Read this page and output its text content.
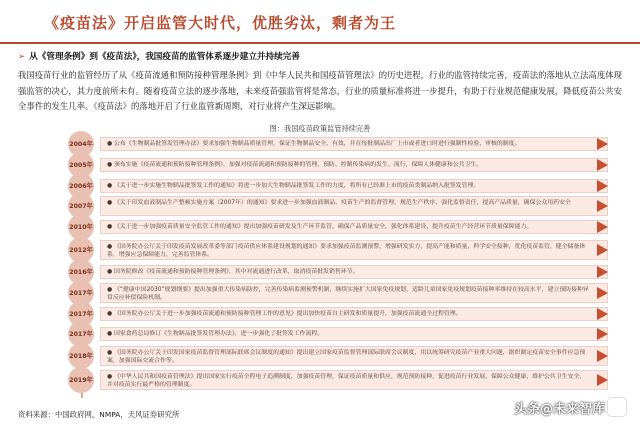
《疫苗法》开启监管大时代，优胜劣汰，剩者为王
➢ 从《管理条例》到《疫苗法》，我国疫苗的监管体系逐步建立并持续完善
我国疫苗行业的监管经历了从《疫苗流通和预防接种管理条例》到《中华人民共和国疫苗管理法》的历史进程，行业的监管持续完善，疫苗法的落地从立法高度体现强监管的决心，其力度前所未有。随着疫苗立法的逐步落地，未来疫苗强监管将是常态，行业的质量标准将进一步提升，有助于行业规范健康发展，降低疫苗公共安全事件的发生几率。《疫苗法》的落地开启了行业监管新周期，对行业将产生深远影响。
图：我国疫苗政策监管持续完善
2004年	● 公布《生物制品批签发管理办法》要求加强生物制品质量管理，保证生物制品安全、有效，并在每批制品出厂上市或者进口时进行强制性检验、审核的制度。
2005年	● 颁布实施《疫苗流通和预防接种管理条例》，加强对疫苗流通和预防接种的管理，预防、控制传染病的发生、流行，保障人体健康和公共卫生。
2006年	● 《关于进一步实施生物制品批签发工作的通知》将进一步加大生物制品批签发工作的力度，将所有已经准上市的疫苗类制品纳入批签发管理。
2007年	● 《关于印发血液制品生产整顿实施方案（2007年）的通知》要求进一步加强血液制品、疫苗生产的监督管理，规范生产秩序，强化监督责任，提高产品质量，确保公众用药安全
2010年	● 《关于进一步加强疫苗质量安全监管工作的通知》提出加强疫苗研发及生产环节监管，确保产品质量安全，强化体系建设，提升疫苗生产经营环节质量保障能力。
2012年	● 《国务院办公厅关于印发疫苗发展改革委等部门疫苗供应体系建设规划的通知》要求加强疫苗监测预警，增强研发实力，提高产能和质量，科学安全接种，优化疫苗监管，健全储备体系，增强应急保障能力，完善监管体系。
2016年	● 国务院修改《疫苗流通和预防接种管理条例》，其中对流通进行改革，取消疫苗批发销售环节。
2017年	● 《“健康中国2030”规划纲要》提出加强重大传染病防控，完善传染病监测预警机制，继续实施扩大国家免疫规划，适龄儿童国家免疫规划疫苗接种率维持在较高水平，建立预防接种异常反应补偿保险机制。
2017年	● 《国务院办公厅关于进一步加强疫苗流通和预防接种管理工作的意见》提出加快疫苗自主研发和质量提升，加强疫苗流通全过程管理。
2017年	● 国家食药总局修订《生物制品批签发管理办法》，进一步强化了批签发工作流程。
2018年	● 《国务院办公厅关于印发国家疫苗监督管理部际联席会议制度的通知》提出建立国家疫苗监督管理部际联席会议制度，用以统筹研究疫苗产业重大问题，据织制定疫苗安全事件应急预案，加强国际交流合作等。
2019年	● 《中华人民共和国疫苗管理法》提出国家实行疫苗全程电子追溯制度，加强疫苗管理，保证疫苗质量和供应，规范预防接种，促进疫苗行业发展，保障公众健康，维护公共卫生安全，并对疫苗实行最严格的管理制度。
资料来源：中国政府网，NMPA，天风证券研究所	头条@未来智库
